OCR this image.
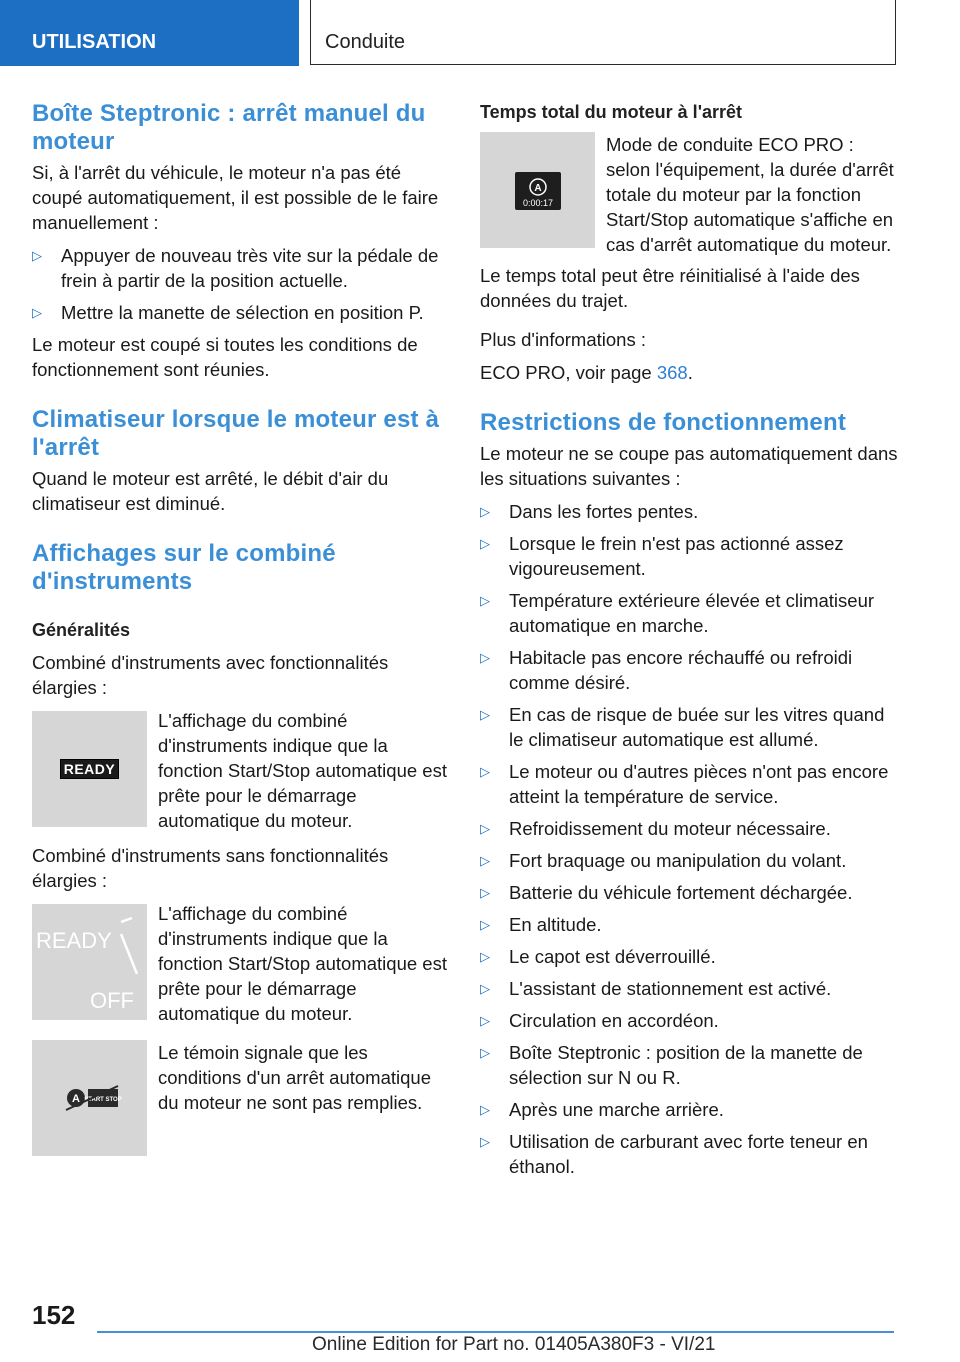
UTILISATION	Conduite
Boîte Steptronic : arrêt manuel du moteur

Si, à l'arrêt du véhicule, le moteur n'a pas été coupé automatiquement, il est possible de le faire manuellement :

▷ Appuyer de nouveau très vite sur la pédale de frein à partir de la position actuelle.
▷ Mettre la manette de sélection en position P.

Le moteur est coupé si toutes les conditions de fonctionnement sont réunies.

Climatiseur lorsque le moteur est à l'arrêt

Quand le moteur est arrêté, le débit d'air du climatiseur est diminué.

Affichages sur le combiné d'instruments
Généralités

Combiné d'instruments avec fonctionnalités élargies :

READY
L'affichage du combiné d'instruments indique que la fonction Start/Stop automatique est prête pour le démarrage automatique du moteur.

Combiné d'instruments sans fonctionnalités élargies :

READY
OFF
L'affichage du combiné d'instruments indique que la fonction Start/Stop automatique est prête pour le démarrage automatique du moteur.
A START STOP
Le témoin signale que les conditions d'un arrêt automatique du moteur ne sont pas remplies.
Temps total du moteur à l'arrêt
A
0:00:17
Mode de conduite ECO PRO : selon l'équipement, la durée d'arrêt totale du moteur par la fonction Start/Stop automatique s'affiche en cas d'arrêt automatique du moteur.

Le temps total peut être réinitialisé à l'aide des données du trajet.

Plus d'informations :

ECO PRO, voir page 368.

Restrictions de fonctionnement

Le moteur ne se coupe pas automatiquement dans les situations suivantes :

▷ Dans les fortes pentes.
▷ Lorsque le frein n'est pas actionné assez vigoureusement.
▷ Température extérieure élevée et climatiseur automatique en marche.
▷ Habitacle pas encore réchauffé ou refroidi comme désiré.
▷ En cas de risque de buée sur les vitres quand le climatiseur automatique est allumé.
▷ Le moteur ou d'autres pièces n'ont pas encore atteint la température de service.
▷ Refroidissement du moteur nécessaire.
▷ Fort braquage ou manipulation du volant.
▷ Batterie du véhicule fortement déchargée.
▷ En altitude.
▷ Le capot est déverrouillé.
▷ L'assistant de stationnement est activé.
▷ Circulation en accordéon.
▷ Boîte Steptronic : position de la manette de sélection sur N ou R.
▷ Après une marche arrière.
▷ Utilisation de carburant avec forte teneur en éthanol.
152
Online Edition for Part no. 01405A380F3 - VI/21
